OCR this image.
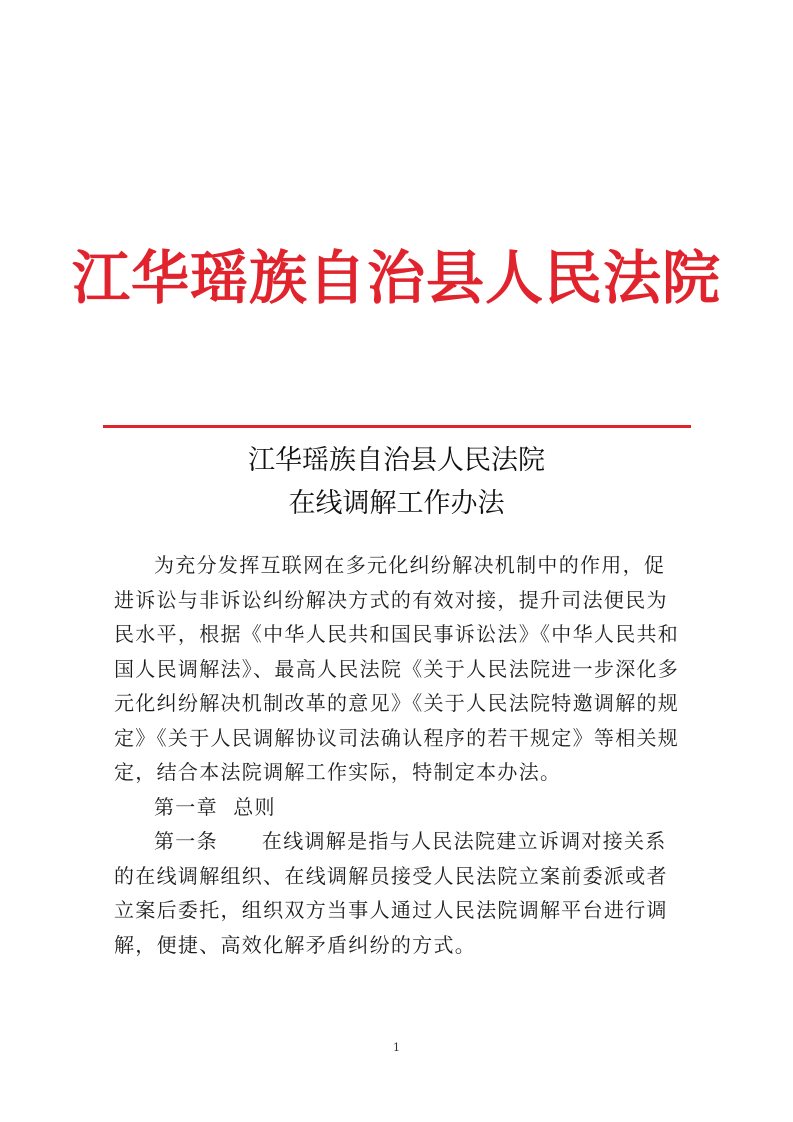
江华瑶族自治县人民法院
江华瑶族自治县人民法院
在线调解工作办法

为充分发挥互联网在多元化纠纷解决机制中的作用，促进诉讼与非诉讼纠纷解决方式的有效对接，提升司法便民为民水平，根据《中华人民共和国民事诉讼法》《中华人民共和国人民调解法》、最高人民法院《关于人民法院进一步深化多元化纠纷解决机制改革的意见》《关于人民法院特邀调解的规定》《关于人民调解协议司法确认程序的若干规定》等相关规定，结合本法院调解工作实际，特制定本办法。

第一章  总则

第一条 在线调解是指与人民法院建立诉调对接关系的在线调解组织、在线调解员接受人民法院立案前委派或者立案后委托，组织双方当事人通过人民法院调解平台进行调解，便捷、高效化解矛盾纠纷的方式。

1
